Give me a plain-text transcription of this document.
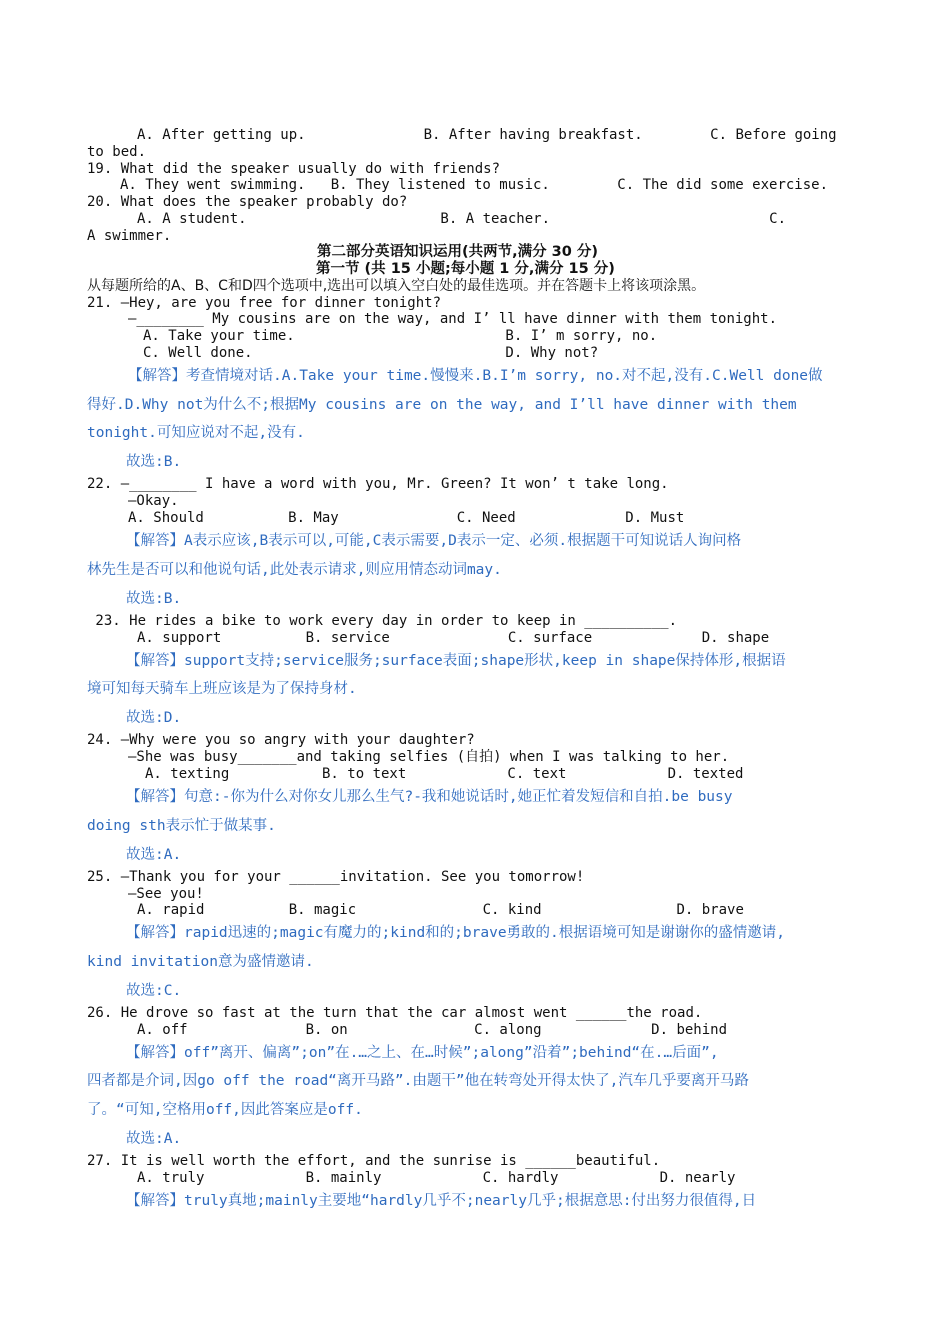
A. After getting up.              B. After having breakfast.        C. Before going
to bed.
19. What did the speaker usually do with friends?
A. They went swimming.   B. They listened to music.        C. The did some exercise.
20. What does the speaker probably do?
A. A student.                       B. A teacher.                          C.
A swimmer.
第二部分英语知识运用(共两节,满分 30 分)
第一节 (共 15 小题;每小题 1 分,满分 15 分)
从每题所给的A、B、C和D四个选项中,选出可以填入空白处的最佳选项。并在答题卡上将该项涂黑。
21. —Hey, are you free for dinner tonight?
—________ My cousins are on the way, and I’ ll have dinner with them tonight.
A. Take your time.                         B. I’ m sorry, no.
C. Well done.                              D. Why not?
【解答】考查情境对话.A.Take your time.慢慢来.B.I’m sorry, no.对不起,没有.C.Well done做
得好.D.Why not为什么不;根据My cousins are on the way, and I’ll have dinner with them
tonight.可知应说对不起,没有.
故选:B.
22. —________ I have a word with you, Mr. Green? It won’ t take long.
—Okay.
A. Should          B. May              C. Need             D. Must
【解答】A表示应该,B表示可以,可能,C表示需要,D表示一定、必须.根据题干可知说话人询问格
林先生是否可以和他说句话,此处表示请求,则应用情态动词may.
故选:B.
23. He rides a bike to work every day in order to keep in __________.
A. support          B. service              C. surface             D. shape
【解答】support支持;service服务;surface表面;shape形状,keep in shape保持体形,根据语
境可知每天骑车上班应该是为了保持身材.
故选:D.
24. —Why were you so angry with your daughter?
—She was busy_______and taking selfies (自拍) when I was talking to her.
A. texting           B. to text            C. text            D. texted
【解答】句意:-你为什么对你女儿那么生气?-我和她说话时,她正忙着发短信和自拍.be busy
doing sth表示忙于做某事.
故选:A.
25. —Thank you for your ______invitation. See you tomorrow!
—See you!
A. rapid          B. magic               C. kind                D. brave
【解答】rapid迅速的;magic有魔力的;kind和的;brave勇敢的.根据语境可知是谢谢你的盛情邀请,
kind invitation意为盛情邀请.
故选:C.
26. He drove so fast at the turn that the car almost went ______the road.
A. off              B. on               C. along             D. behind
【解答】off”离开、偏离”;on”在.…之上、在…时候”;along”沿着”;behind“在.…后面”,
四者都是介词,因go off the road“离开马路”.由题干”他在转弯处开得太快了,汽车几乎要离开马路
了。“可知,空格用off,因此答案应是off.
故选:A.
27. It is well worth the effort, and the sunrise is ______beautiful.
A. truly            B. mainly            C. hardly            D. nearly
【解答】truly真地;mainly主要地“hardly几乎不;nearly几乎;根据意思:付出努力很值得,日
